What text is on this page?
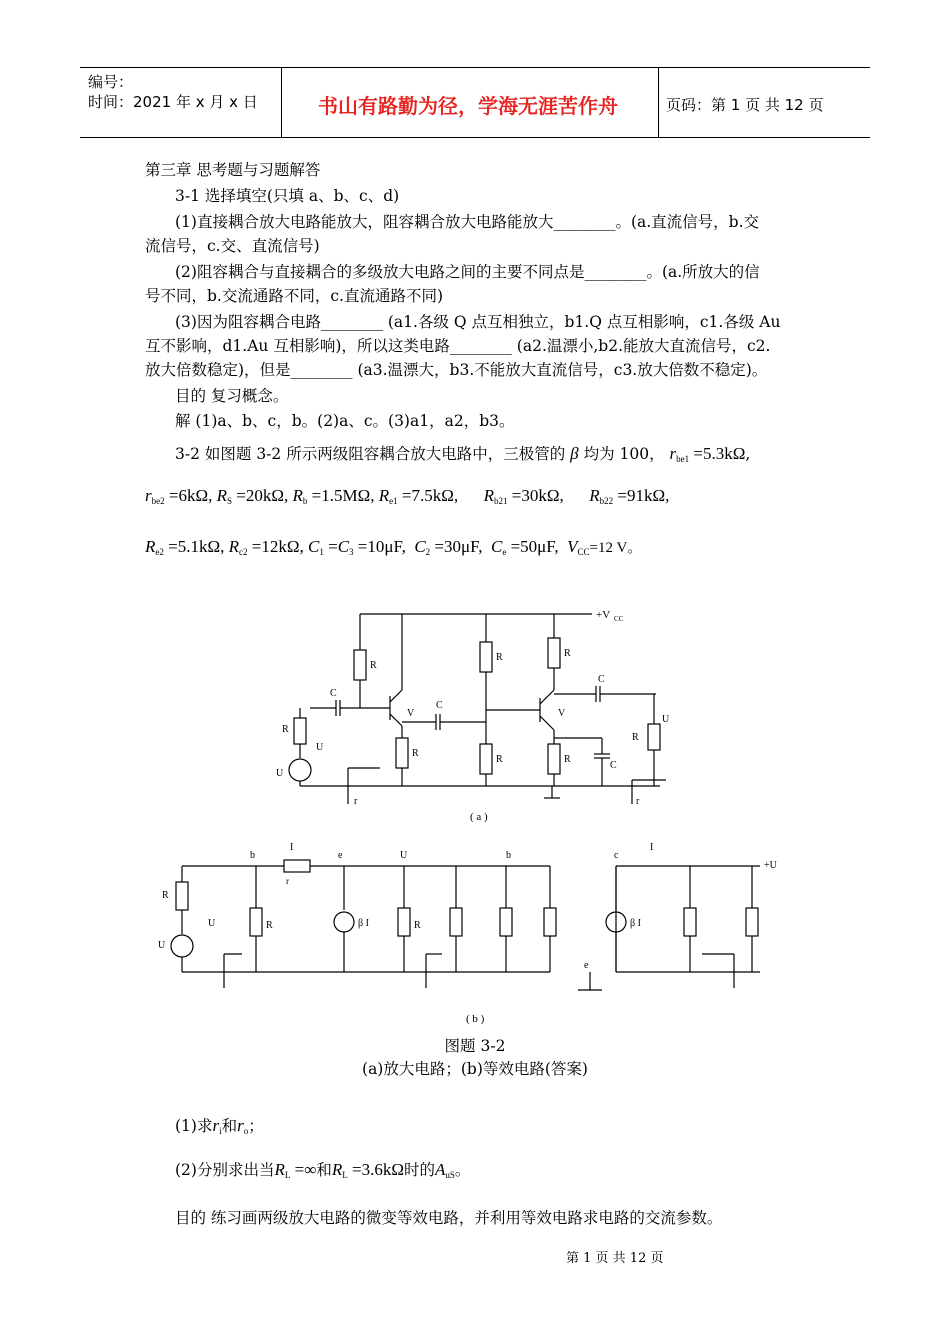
编号：
时间：2021 年 x 月 x 日	书山有路勤为径，学海无涯苦作舟	页码：第 1 页 共 12 页
第三章 思考题与习题解答
3-1 选择填空(只填 a、b、c、d)
(1)直接耦合放大电路能放大，阻容耦合放大电路能放大________。(a.直流信号，b.交
流信号，c.交、直流信号)
(2)阻容耦合与直接耦合的多级放大电路之间的主要不同点是________。(a.所放大的信
号不同，b.交流通路不同，c.直流通路不同)
(3)因为阻容耦合电路________ (a1.各级 Q 点互相独立，b1.Q 点互相影响，c1.各级 Au
互不影响，d1.Au 互相影响)，所以这类电路________ (a2.温漂小,b2.能放大直流信号，c2.
放大倍数稳定)，但是________ (a3.温漂大，b3.不能放大直流信号，c3.放大倍数不稳定)。
目的 复习概念。
解 (1)a、b、c，b。(2)a、c。(3)a1，a2，b3。
3-2 如图题 3-2 所示两级阻容耦合放大电路中，三极管的 β 均为 100， $r_{be1} =5.3k\Omega$,
$r_{be2} =6k\Omega$, $R_S =20k\Omega$, $R_b =1.5M\Omega$, $R_{e1} =7.5k\Omega$,      $R_{b21} =30k\Omega$,      $R_{b22} =91k\Omega$,
$R_{e2} =5.1k\Omega$, $R_{c2} =12k\Omega$, $C_1 =C_3 =10\mu F$,  $C_2 =30\mu F$,  $C_e =50\mu F$,  $V_{CC}=12$ V。
+V CC
R
C
V
R
C
R
R
V
R
R
C
C
R
U
R
U
U
r	r
( a )
R
U
U	R
b
r
I
β I
e
R
U	b
e
β I
c
+U
I
( b )
图题 3-2
(a)放大电路；(b)等效电路(答案)
(1)求$r_i$和$r_o$；
(2)分别求出当$R_L$ =∞和$R_L =3.6k\Omega$时的$A_{uS}$。
目的 练习画两级放大电路的微变等效电路，并利用等效电路求电路的交流参数。
第 1 页 共 12 页
